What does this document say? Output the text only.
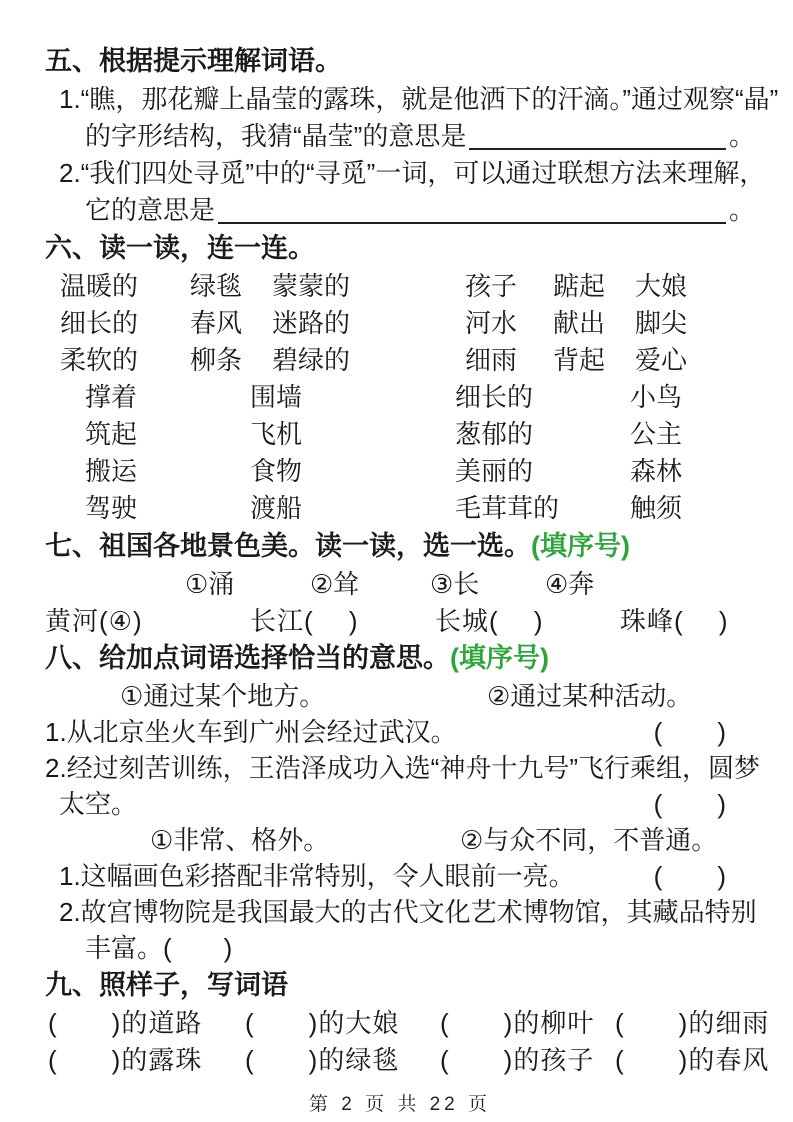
五、根据提示理解词语。
1.“瞧，那花瓣上晶莹的露珠，就是他洒下的汗滴。”通过观察“晶”
的字形结构，我猜“晶莹”的意思是	。
2.“我们四处寻觅”中的“寻觅”一词，可以通过联想方法来理解，
它的意思是	。
六、读一读，连一连。
温暖的	绿毯	蒙蒙的	孩子	踮起	大娘
细长的	春风	迷路的	河水	献出	脚尖
柔软的	柳条	碧绿的	细雨	背起	爱心
撑着	围墙	细长的	小鸟
筑起	飞机	葱郁的	公主
搬运	食物	美丽的	森林
驾驶	渡船	毛茸茸的	触须
七、祖国各地景色美。读一读，选一选。(填序号)
①涌	②耸	③长	④奔
黄河(④)	长江(　 )	长城(　 )	珠峰(　 )
八、给加点词语选择恰当的意思。(填序号)
①通过某个地方。	②通过某种活动。
1.从北京坐火车到广州会经过武汉。	(　　)
2.经过刻苦训练，王浩泽成功入选“神舟十九号”飞行乘组，圆梦
太空。	(　　)
①非常、格外。	②与众不同，不普通。
1.这幅画色彩搭配非常特别，令人眼前一亮。	(　　)
2.故宫博物院是我国最大的古代文化艺术博物馆，其藏品特别
丰富。(　　)
九、照样子，写词语
(　　)的道路	(　　)的大娘	(　　)的柳叶 (　　)的细雨
(　　)的露珠	(　　)的绿毯	(　　)的孩子 (　　)的春风
第 2 页 共 22 页
